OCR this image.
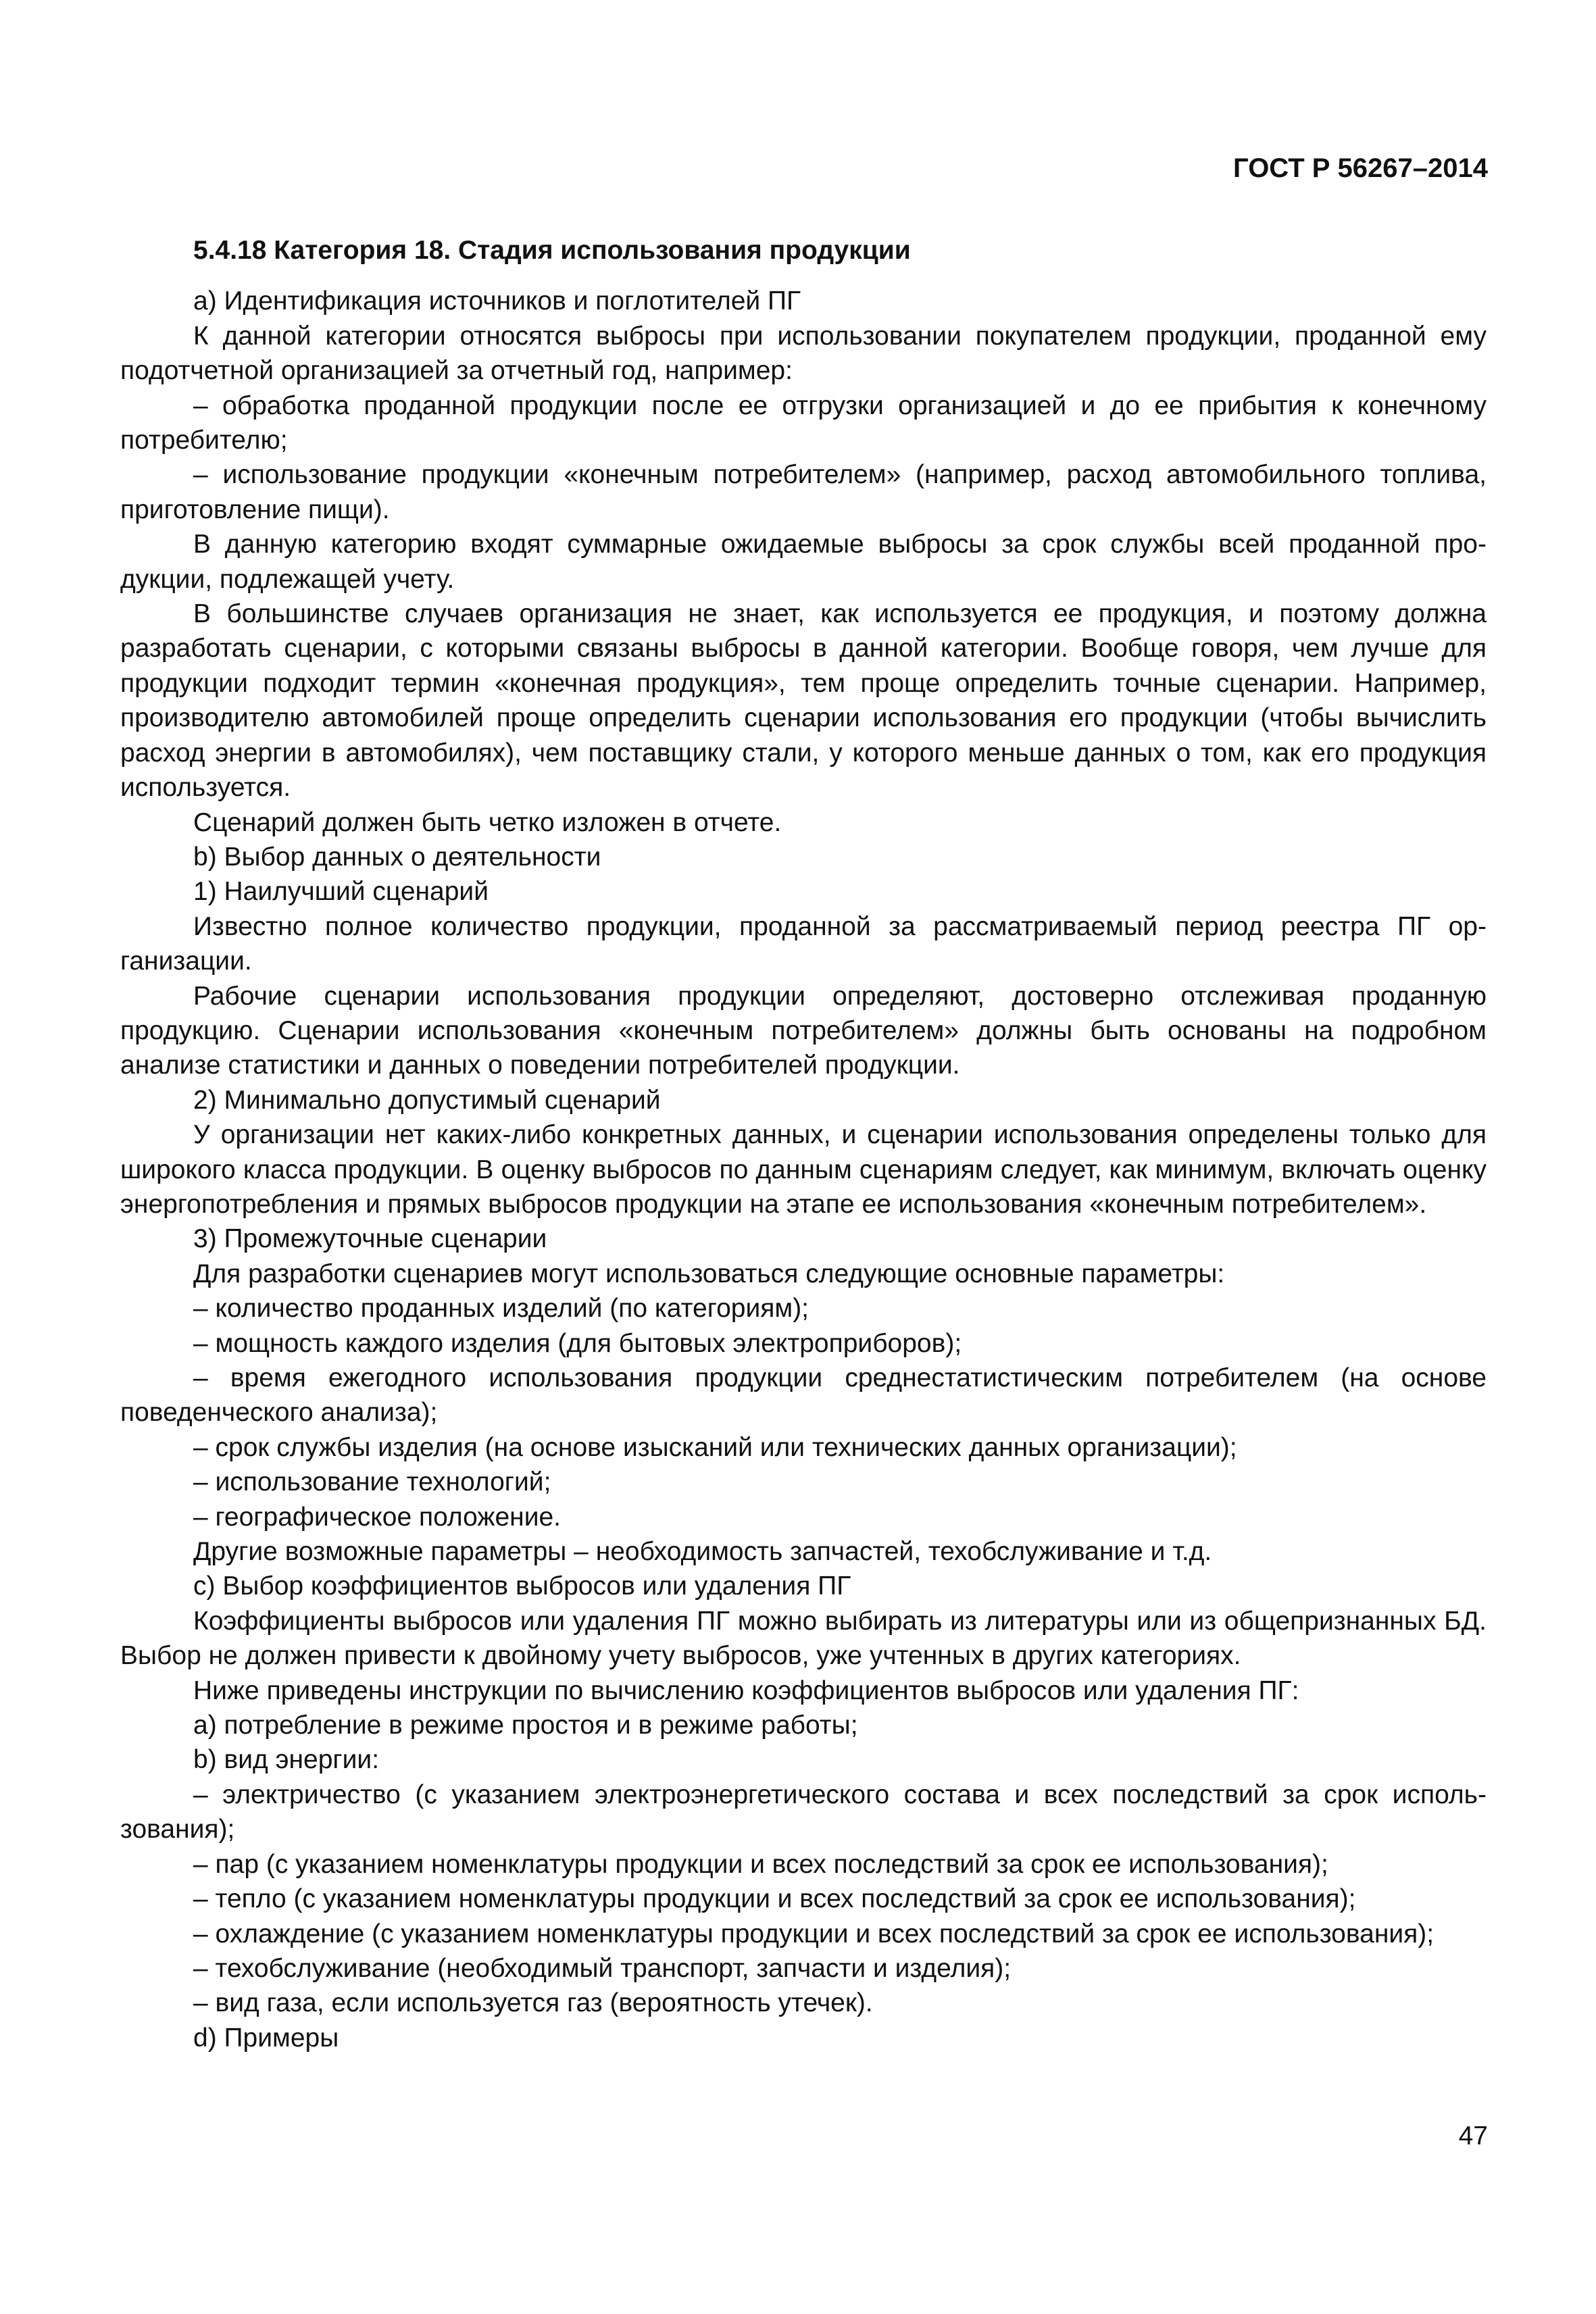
ГОСТ Р 56267–2014
5.4.18 Категория 18. Стадия использования продукции
а) Идентификация источников и поглотителей ПГ
К данной категории относятся выбросы при использовании покупателем продукции, проданной ему подотчетной организацией за отчетный год, например:
– обработка проданной продукции после ее отгрузки организацией и до ее прибытия к конечному потребителю;
– использование продукции «конечным потребителем» (например, расход автомобильного топлива, приготовление пищи).
В данную категорию входят суммарные ожидаемые выбросы за срок службы всей проданной продукции, подлежащей учету.
В большинстве случаев организация не знает, как используется ее продукция, и поэтому должна разработать сценарии, с которыми связаны выбросы в данной категории. Вообще говоря, чем лучше для продукции подходит термин «конечная продукция», тем проще определить точные сценарии. Например, производителю автомобилей проще определить сценарии использования его продукции (чтобы вычислить расход энергии в автомобилях), чем поставщику стали, у которого меньше данных о том, как его продукция используется.
Сценарий должен быть четко изложен в отчете.
b) Выбор данных о деятельности
1) Наилучший сценарий
Известно полное количество продукции, проданной за рассматриваемый период реестра ПГ организации.
Рабочие сценарии использования продукции определяют, достоверно отслеживая проданную продукцию. Сценарии использования «конечным потребителем» должны быть основаны на подробном анализе статистики и данных о поведении потребителей продукции.
2) Минимально допустимый сценарий
У организации нет каких-либо конкретных данных, и сценарии использования определены только для широкого класса продукции. В оценку выбросов по данным сценариям следует, как минимум, включать оценку энергопотребления и прямых выбросов продукции на этапе ее использования «конечным потребителем».
3) Промежуточные сценарии
Для разработки сценариев могут использоваться следующие основные параметры:
– количество проданных изделий (по категориям);
– мощность каждого изделия (для бытовых электроприборов);
– время ежегодного использования продукции среднестатистическим потребителем (на основе поведенческого анализа);
– срок службы изделия (на основе изысканий или технических данных организации);
– использование технологий;
– географическое положение.
Другие возможные параметры – необходимость запчастей, техобслуживание и т.д.
с) Выбор коэффициентов выбросов или удаления ПГ
Коэффициенты выбросов или удаления ПГ можно выбирать из литературы или из общепризнанных БД. Выбор не должен привести к двойному учету выбросов, уже учтенных в других категориях.
Ниже приведены инструкции по вычислению коэффициентов выбросов или удаления ПГ:
а) потребление в режиме простоя и в режиме работы;
b) вид энергии:
– электричество (с указанием электроэнергетического состава и всех последствий за срок использования);
– пар (с указанием номенклатуры продукции и всех последствий за срок ее использования);
– тепло (с указанием номенклатуры продукции и всех последствий за срок ее использования);
– охлаждение (с указанием номенклатуры продукции и всех последствий за срок ее использования);
– техобслуживание (необходимый транспорт, запчасти и изделия);
– вид газа, если используется газ (вероятность утечек).
d) Примеры
47
